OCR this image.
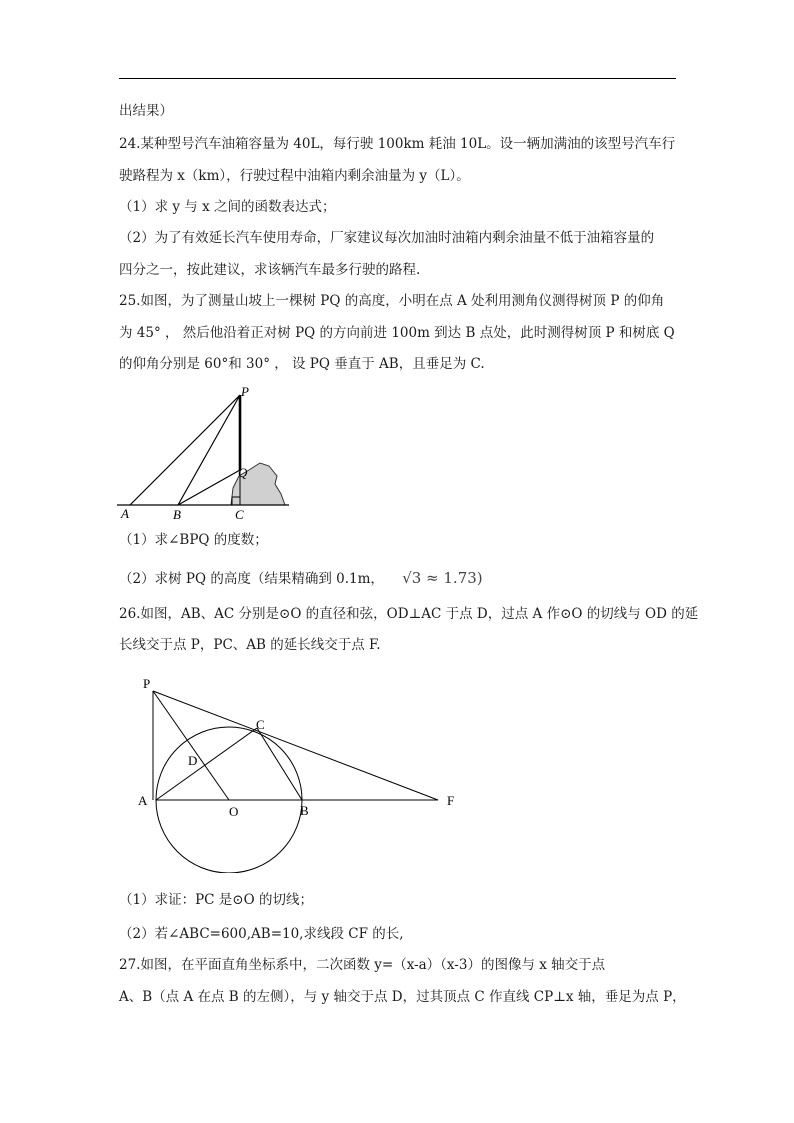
出结果）
24.某种型号汽车油箱容量为 40L，每行驶 100km 耗油 10L。设一辆加满油的该型号汽车行
驶路程为 x（km），行驶过程中油箱内剩余油量为 y（L）。
（1）求 y 与 x 之间的函数表达式；
（2）为了有效延长汽车使用寿命，厂家建议每次加油时油箱内剩余油量不低于油箱容量的
四分之一，按此建议，求该辆汽车最多行驶的路程.
25.如图，为了测量山坡上一棵树 PQ 的高度，小明在点 A 处利用测角仪测得树顶 P 的仰角
为 45° ， 然后他沿着正对树 PQ 的方向前进 100m 到达 B 点处，此时测得树顶 P 和树底 Q
的仰角分别是 60°和 30° ， 设 PQ 垂直于 AB，且垂足为 C.
P
Q
A	B	C
（1）求∠BPQ 的度数；
（2）求树 PQ 的高度（结果精确到 0.1m， √3 ≈ 1.73)
26.如图，AB、AC 分别是⊙O 的直径和弦，OD⊥AC 于点 D，过点 A 作⊙O 的切线与 OD 的延
长线交于点 P，PC、AB 的延长线交于点 F.
P
C
D
A
O	B
F
（1）求证：PC 是⊙O 的切线；
（2）若∠ABC=600,AB=10,求线段 CF 的长,
27.如图，在平面直角坐标系中，二次函数 y=（x-a）（x-3）的图像与 x 轴交于点
A、B（点 A 在点 B 的左侧），与 y 轴交于点 D，过其顶点 C 作直线 CP⊥x 轴，垂足为点 P，
